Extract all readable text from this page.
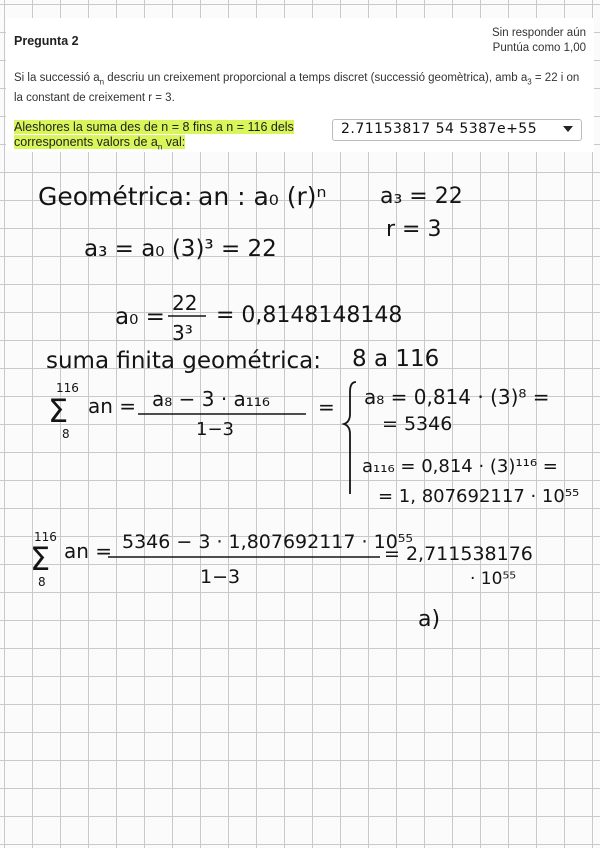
Pregunta 2
Sin responder aún
Puntúa como 1,00
Si la successió $a_n$ descriu un creixement proporcional a temps discret (successió geomètrica), amb $a_3 = 22$ i on la constant de creixement r = 3.
Aleshores la suma des de n = 8 fins a n = 116 dels
corresponents valors de $a_n$ val:
2.71153817 54 5387e+55
Geométrica: an : a₀ (r)ⁿ a₃ = 22
r = 3
a₃ = a₀ (3)³ = 22
a₀ =
22
3³
= 0,8148148148
suma finita geométrica: 8 a 116
116
Σ
8
an = a₈ − 3 · a₁₁₆
1−3
= a₈ = 0,814 · (3)⁸ =
= 5346
a₁₁₆ = 0,814 · (3)¹¹⁶ =
= 1, 807692117 · 10⁵⁵
116
Σ
8
an = 5346 − 3 · 1,807692117 · 10⁵⁵
1−3
= 2,711538176
· 10⁵⁵
a)
